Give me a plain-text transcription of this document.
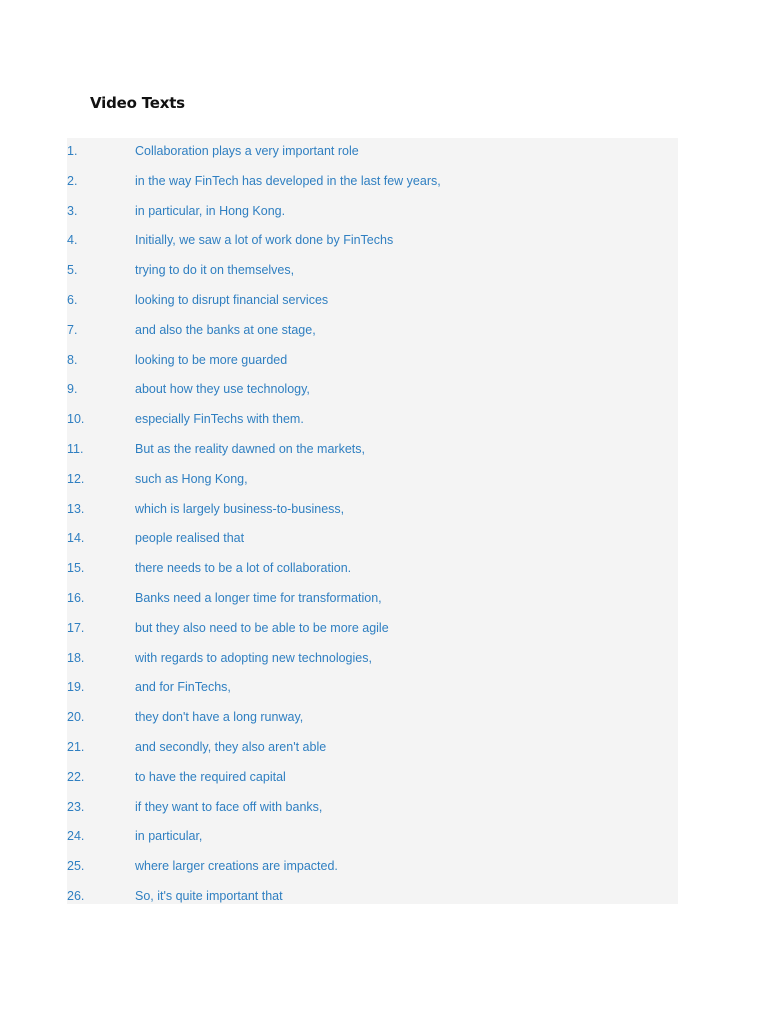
Video Texts
1.	Collaboration plays a very important role
2.	in the way FinTech has developed in the last few years,
3.	in particular, in Hong Kong.
4.	Initially, we saw a lot of work done by FinTechs
5.	trying to do it on themselves,
6.	looking to disrupt financial services
7.	and also the banks at one stage,
8.	looking to be more guarded
9.	about how they use technology,
10.	especially FinTechs with them.
11.	But as the reality dawned on the markets,
12.	such as Hong Kong,
13.	which is largely business-to-business,
14.	people realised that
15.	there needs to be a lot of collaboration.
16.	Banks need a longer time for transformation,
17.	but they also need to be able to be more agile
18.	with regards to adopting new technologies,
19.	and for FinTechs,
20.	they don't have a long runway,
21.	and secondly, they also aren't able
22.	to have the required capital
23.	if they want to face off with banks,
24.	in particular,
25.	where larger creations are impacted.
26.	So, it's quite important that
